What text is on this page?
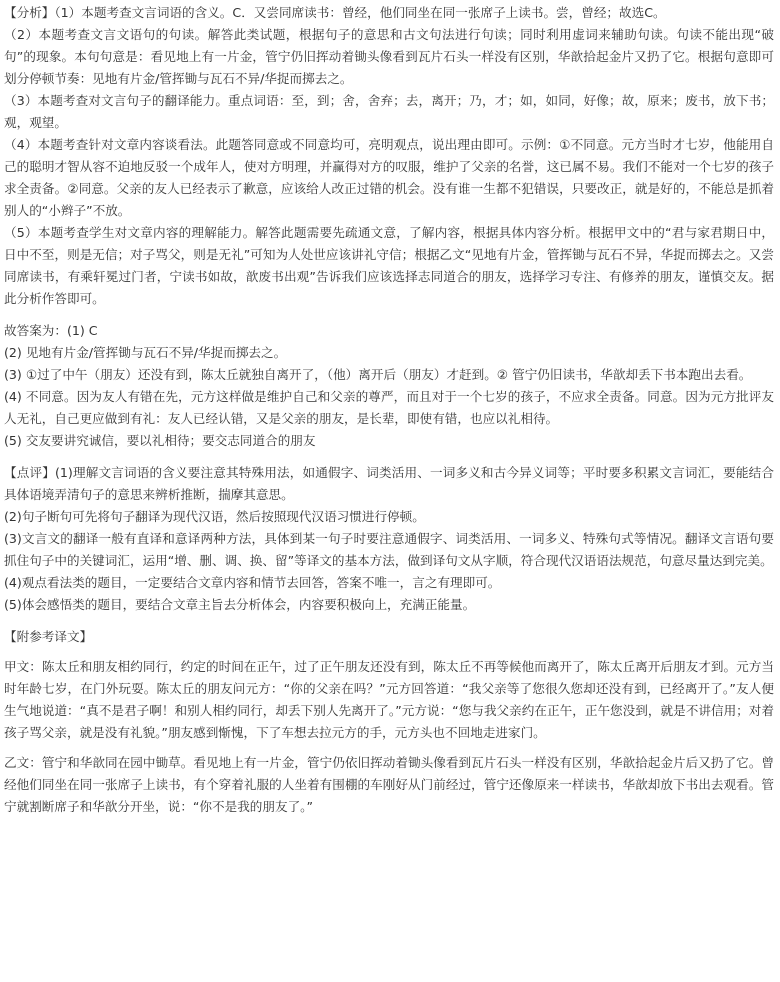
【分析】（1）本题考查文言词语的含义。C．又尝同席读书：曾经，他们同坐在同一张席子上读书。尝，曾经；故选C。

（2）本题考查文言文语句的句读。解答此类试题，根据句子的意思和古文句法进行句读；同时利用虚词来辅助句读。句读不能出现“破句”的现象。本句句意是：看见地上有一片金，管宁仍旧挥动着锄头像看到瓦片石头一样没有区别，华歆拾起金片又扔了它。根据句意即可划分停顿节奏：见地有片金/管挥锄与瓦石不异/华捉而掷去之。

（3）本题考查对文言句子的翻译能力。重点词语：至，到；舍，舍弃；去，离开；乃，才；如，如同，好像；故，原来；废书，放下书；观，观望。

（4）本题考查针对文章内容谈看法。此题答同意或不同意均可，亮明观点，说出理由即可。示例：①不同意。元方当时才七岁，他能用自己的聪明才智从容不迫地反驳一个成年人，使对方明理，并赢得对方的叹服，维护了父亲的名誉，这已属不易。我们不能对一个七岁的孩子求全责备。②同意。父亲的友人已经表示了歉意，应该给人改正过错的机会。没有谁一生都不犯错误，只要改正，就是好的，不能总是抓着别人的“小辫子”不放。

（5）本题考查学生对文章内容的理解能力。解答此题需要先疏通文意，了解内容，根据具体内容分析。根据甲文中的“君与家君期日中，日中不至，则是无信；对子骂父，则是无礼”可知为人处世应该讲礼守信；根据乙文“见地有片金，管挥锄与瓦石不异，华捉而掷去之。又尝同席读书，有乘轩冕过门者，宁读书如故，歆废书出观”告诉我们应该选择志同道合的朋友，选择学习专注、有修养的朋友，谨慎交友。据此分析作答即可。

故答案为：(1) C

(2) 见地有片金/管挥锄与瓦石不异/华捉而掷去之。

(3) ①过了中午（朋友）还没有到，陈太丘就独自离开了，（他）离开后（朋友）才赶到。② 管宁仍旧读书，华歆却丢下书本跑出去看。

(4) 不同意。因为友人有错在先，元方这样做是维护自己和父亲的尊严，而且对于一个七岁的孩子，不应求全责备。同意。因为元方批评友人无礼，自己更应做到有礼：友人已经认错，又是父亲的朋友，是长辈，即使有错，也应以礼相待。

(5) 交友要讲究诚信，要以礼相待；要交志同道合的朋友

【点评】(1)理解文言词语的含义要注意其特殊用法，如通假字、词类活用、一词多义和古今异义词等；平时要多积累文言词汇，要能结合具体语境弄清句子的意思来辨析推断，揣摩其意思。

(2)句子断句可先将句子翻译为现代汉语，然后按照现代汉语习惯进行停顿。

(3)文言文的翻译一般有直译和意译两种方法，具体到某一句子时要注意通假字、词类活用、一词多义、特殊句式等情况。翻译文言语句要抓住句子中的关键词汇，运用“增、删、调、换、留”等译文的基本方法，做到译句文从字顺，符合现代汉语语法规范，句意尽量达到完美。

(4)观点看法类的题目，一定要结合文章内容和情节去回答，答案不唯一，言之有理即可。

(5)体会感悟类的题目，要结合文章主旨去分析体会，内容要积极向上，充满正能量。

【附参考译文】

甲文：陈太丘和朋友相约同行，约定的时间在正午，过了正午朋友还没有到，陈太丘不再等候他而离开了，陈太丘离开后朋友才到。元方当时年龄七岁，在门外玩耍。陈太丘的朋友问元方：“你的父亲在吗？”元方回答道：“我父亲等了您很久您却还没有到，已经离开了。”友人便生气地说道：“真不是君子啊！和别人相约同行，却丢下别人先离开了。”元方说：“您与我父亲约在正午，正午您没到，就是不讲信用；对着孩子骂父亲，就是没有礼貌。”朋友感到惭愧，下了车想去拉元方的手，元方头也不回地走进家门。

乙文：管宁和华歆同在园中锄草。看见地上有一片金，管宁仍依旧挥动着锄头像看到瓦片石头一样没有区别，华歆拾起金片后又扔了它。曾经他们同坐在同一张席子上读书，有个穿着礼服的人坐着有围棚的车刚好从门前经过，管宁还像原来一样读书，华歆却放下书出去观看。管宁就割断席子和华歆分开坐，说：“你不是我的朋友了。”
